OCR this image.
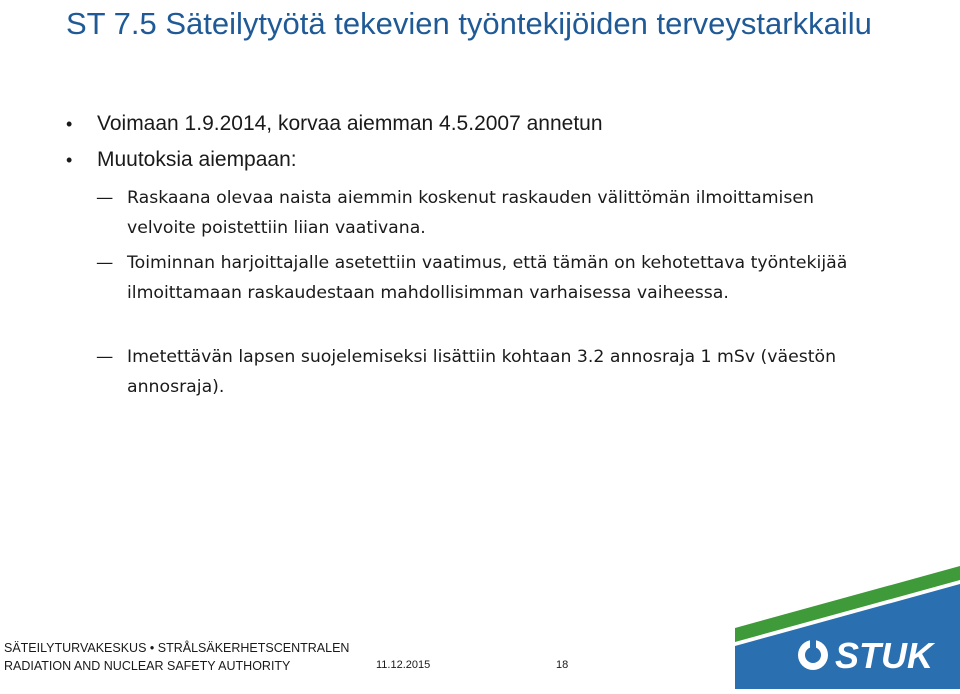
ST 7.5 Säteilytyötä tekevien työntekijöiden terveystarkkailu
• Voimaan 1.9.2014, korvaa aiemman 4.5.2007 annetun
• Muutoksia aiempaan:
— Raskaana olevaa naista aiemmin koskenut raskauden välittömän ilmoittamisen velvoite poistettiin liian vaativana.
— Toiminnan harjoittajalle asetettiin vaatimus, että tämän on kehotettava työntekijää ilmoittamaan raskaudestaan mahdollisimman varhaisessa vaiheessa.
— Imetettävän lapsen suojelemiseksi lisättiin kohtaan 3.2 annosraja 1 mSv (väestön annosraja).
SÄTEILYTURVAKESKUS • STRÅLSÄKERHETSCENTRALEN
RADIATION AND NUCLEAR SAFETY AUTHORITY	11.12.2015	18	STUK
